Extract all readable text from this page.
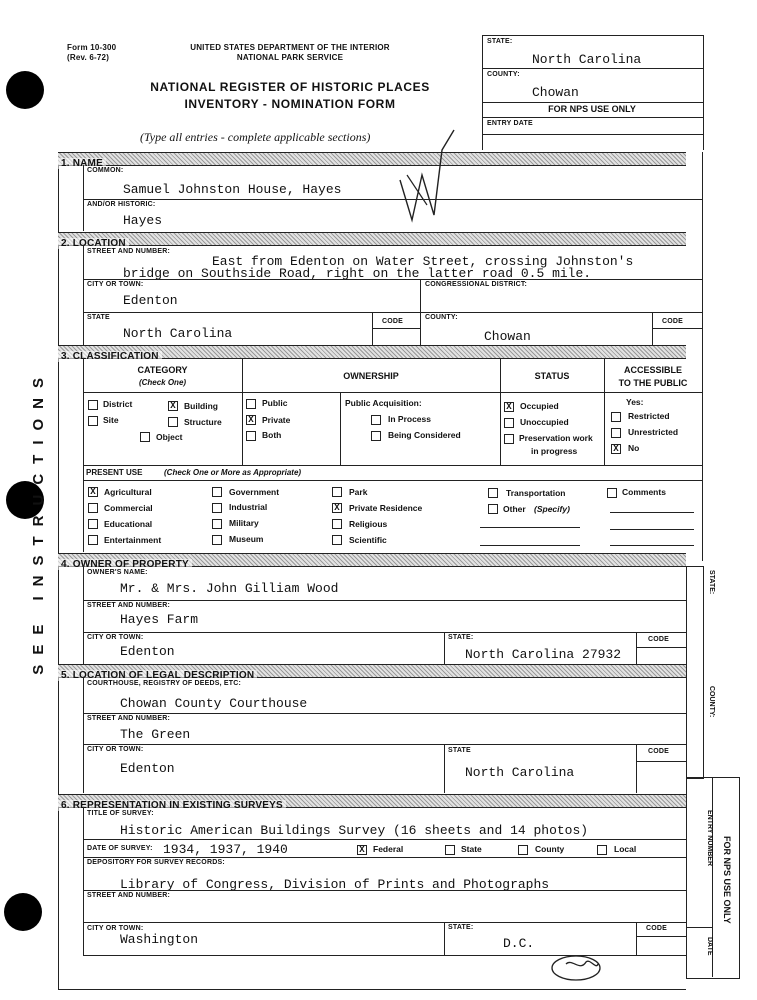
SEE INSTRUCTIONS
Form 10-300
(Rev. 6-72)
UNITED STATES DEPARTMENT OF THE INTERIOR
NATIONAL PARK SERVICE
NATIONAL REGISTER OF HISTORIC PLACES
INVENTORY - NOMINATION FORM
(Type all entries - complete applicable sections)
STATE:
North Carolina
COUNTY:
Chowan
FOR NPS USE ONLY
ENTRY DATE
1. NAME
COMMON:
Samuel Johnston House, Hayes
AND/OR HISTORIC:
Hayes
2. LOCATION
STREET AND NUMBER:
East from Edenton on Water Street, crossing Johnston's
bridge on Southside Road, right on the latter road 0.5 mile.
CITY OR TOWN:
Edenton
CONGRESSIONAL DISTRICT:
STATE
North Carolina
CODE
COUNTY:
Chowan
CODE
3. CLASSIFICATION
CATEGORY
(Check One)
OWNERSHIP	STATUS
ACCESSIBLE
TO THE PUBLIC
District	X Building
Site	Structure
Object
Public
X Private
Both
Public Acquisition:
In Process
Being Considered
X Occupied
Unoccupied
Preservation work
in progress
Yes:
Restricted
Unrestricted
X No
PRESENT USE	(Check One or More as Appropriate)
X Agricultural
Commercial
Educational
Entertainment
Government
Industrial
Military
Museum
Park
X Private Residence
Religious
Scientific
Transportation
Other (Specify)
Comments
4. OWNER OF PROPERTY
STATE:
OWNER'S NAME:
Mr. & Mrs. John Gilliam Wood
STREET AND NUMBER:
Hayes Farm
CITY OR TOWN:
Edenton
STATE:
North Carolina 27932
CODE
5. LOCATION OF LEGAL DESCRIPTION
COUNTY:
COURTHOUSE, REGISTRY OF DEEDS, ETC:
Chowan County Courthouse
STREET AND NUMBER:
The Green
CITY OR TOWN:
Edenton
STATE
North Carolina
CODE
ENTRY NUMBER
DATE
FOR NPS USE ONLY
6. REPRESENTATION IN EXISTING SURVEYS
TITLE OF SURVEY:
Historic American Buildings Survey (16 sheets and 14 photos)
DATE OF SURVEY: 1934, 1937, 1940	X Federal	State	County	Local
DEPOSITORY FOR SURVEY RECORDS:
Library of Congress, Division of Prints and Photographs
STREET AND NUMBER:
CITY OR TOWN:
Washington
STATE:
D.C.
CODE
